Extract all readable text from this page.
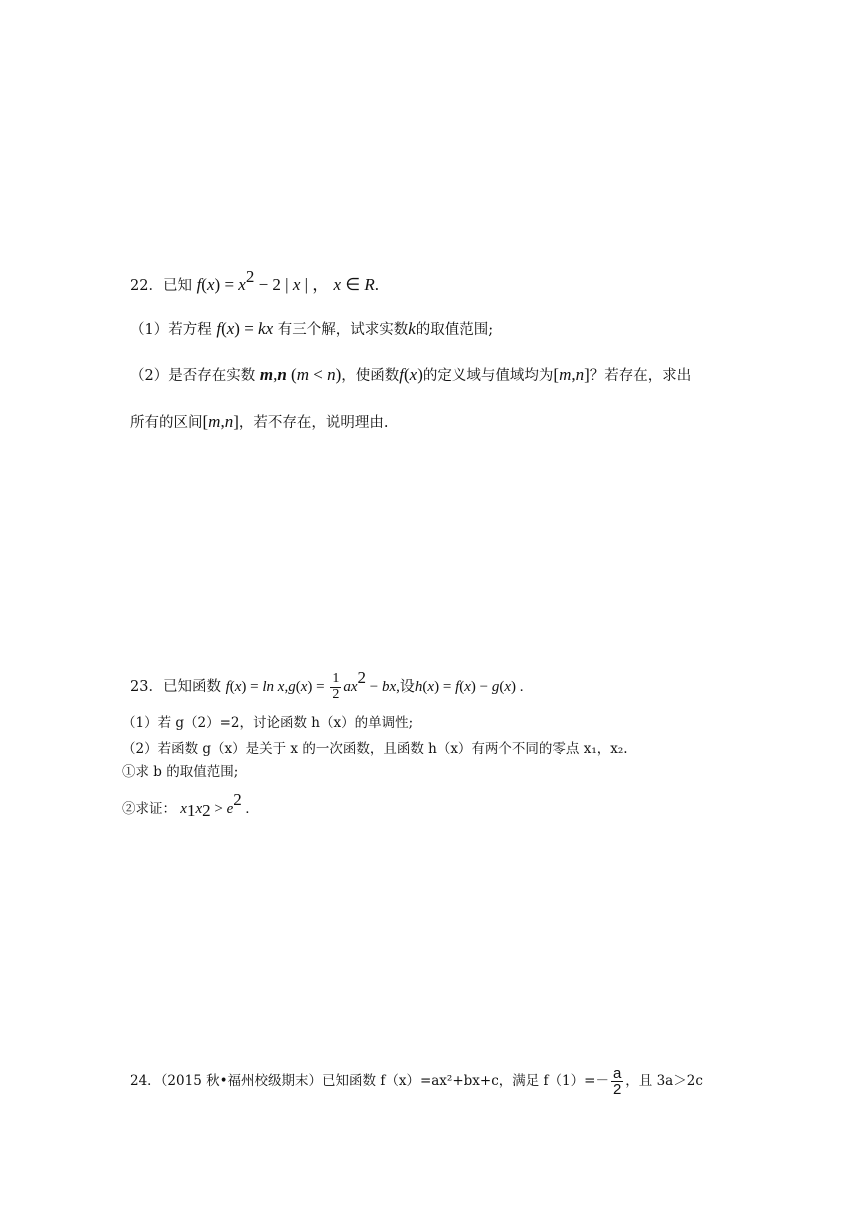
22．已知 $f(x) = x^2 - 2$ | x | ， x ∈ R.
（1）若方程 f(x) = kx 有三个解，试求实数k的取值范围;
（2）是否存在实数 m,n (m < n)，使函数f(x)的定义域与值域均为[m,n]？若存在，求出
所有的区间[m,n]，若不存在，说明理由.
23．已知函数 $f(x) = \ln x,g(x) = \frac{1}{2} ax^2$ − bx,设h(x) = f(x) − g(x) .
（1）若 g（2）=2，讨论函数 h（x）的单调性;
（2）若函数 g（x）是关于 x 的一次函数，且函数 h（x）有两个不同的零点 x₁，x₂.
①求 b 的取值范围;
②求证： $x_1x_2 > e^2$ .
24．（2015 秋•福州校级期末）已知函数 f（x）=ax²+bx+c，满足 $f(1)=- \frac{a}{2}$ ，且 3a＞2c
